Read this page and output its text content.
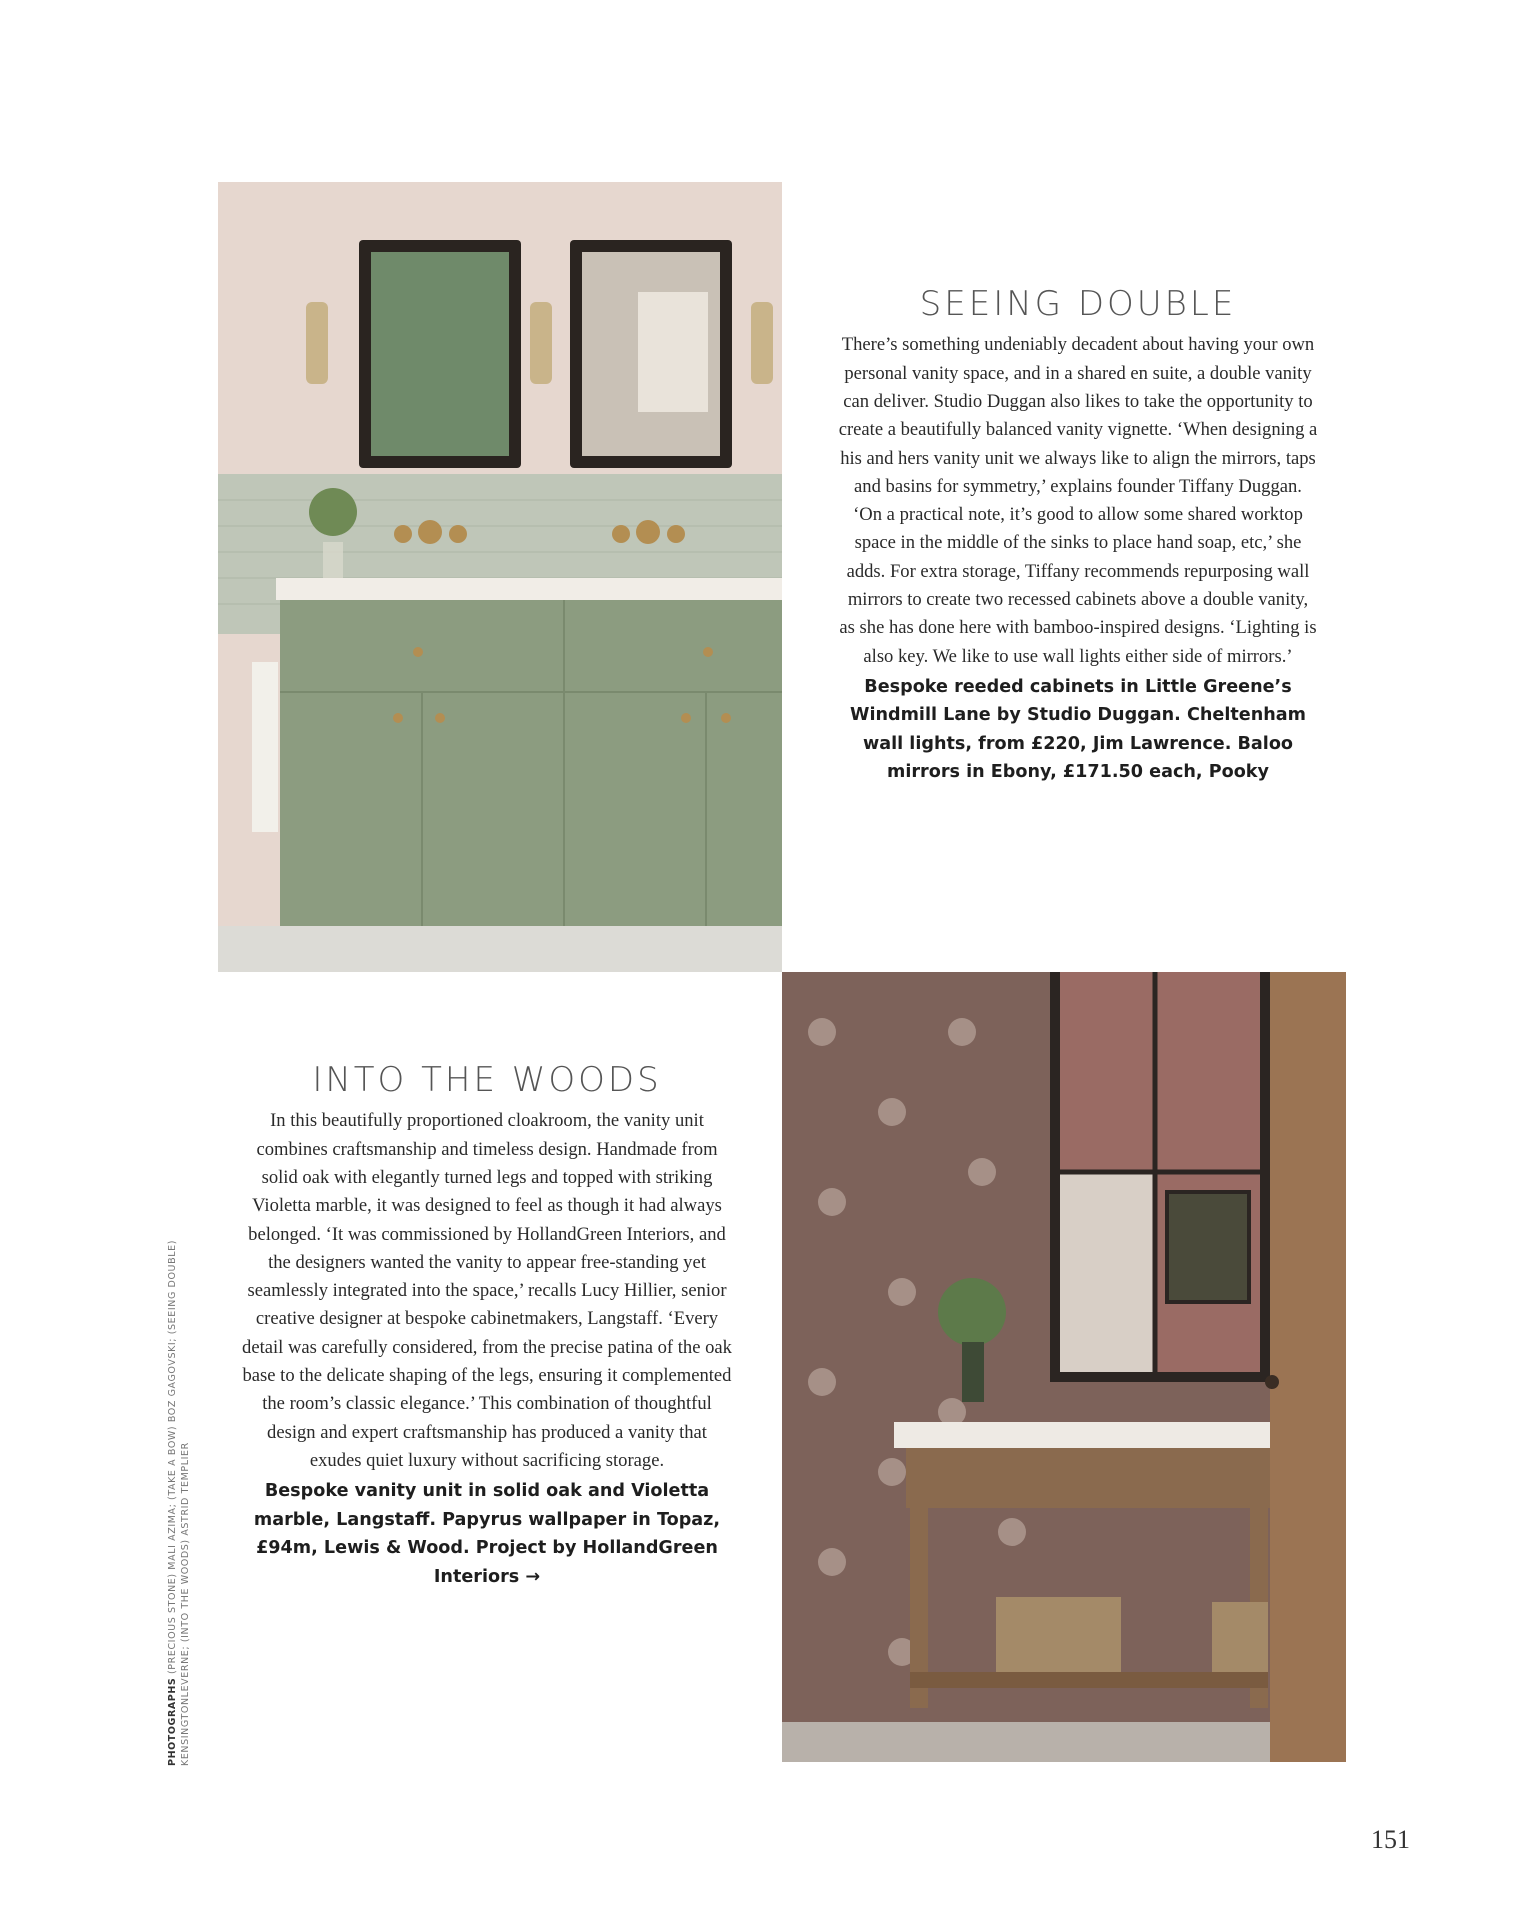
SEEING DOUBLE

There’s something undeniably decadent about having your own personal vanity space, and in a shared en suite, a double vanity can deliver. Studio Duggan also likes to take the opportunity to create a beautifully balanced vanity vignette. ‘When designing a his and hers vanity unit we always like to align the mirrors, taps and basins for symmetry,’ explains founder Tiffany Duggan. ‘On a practical note, it’s good to allow some shared worktop space in the middle of the sinks to place hand soap, etc,’ she adds. For extra storage, Tiffany recommends repurposing wall mirrors to create two recessed cabinets above a double vanity, as she has done here with bamboo-inspired designs. ‘Lighting is also key. We like to use wall lights either side of mirrors.’

Bespoke reeded cabinets in Little Greene’s Windmill Lane by Studio Duggan. Cheltenham wall lights, from £220, Jim Lawrence. Baloo mirrors in Ebony, £171.50 each, Pooky

INTO THE WOODS

In this beautifully proportioned cloakroom, the vanity unit combines craftsmanship and timeless design. Handmade from solid oak with elegantly turned legs and topped with striking Violetta marble, it was designed to feel as though it had always belonged. ‘It was commissioned by HollandGreen Interiors, and the designers wanted the vanity to appear free-standing yet seamlessly integrated into the space,’ recalls Lucy Hillier, senior creative designer at bespoke cabinetmakers, Langstaff. ‘Every detail was carefully considered, from the precise patina of the oak base to the delicate shaping of the legs, ensuring it complemented the room’s classic elegance.’ This combination of thoughtful design and expert craftsmanship has produced a vanity that exudes quiet luxury without sacrificing storage.

Bespoke vanity unit in solid oak and Violetta marble, Langstaff. Papyrus wallpaper in Topaz, £94m, Lewis & Wood. Project by HollandGreen Interiors →

PHOTOGRAPHS (PRECIOUS STONE) MALI AZIMA; (TAKE A BOW) BOZ GAGOVSKI; (SEEING DOUBLE) KENSINGTONLEVERNE; (INTO THE WOODS) ASTRID TEMPLIER
151
